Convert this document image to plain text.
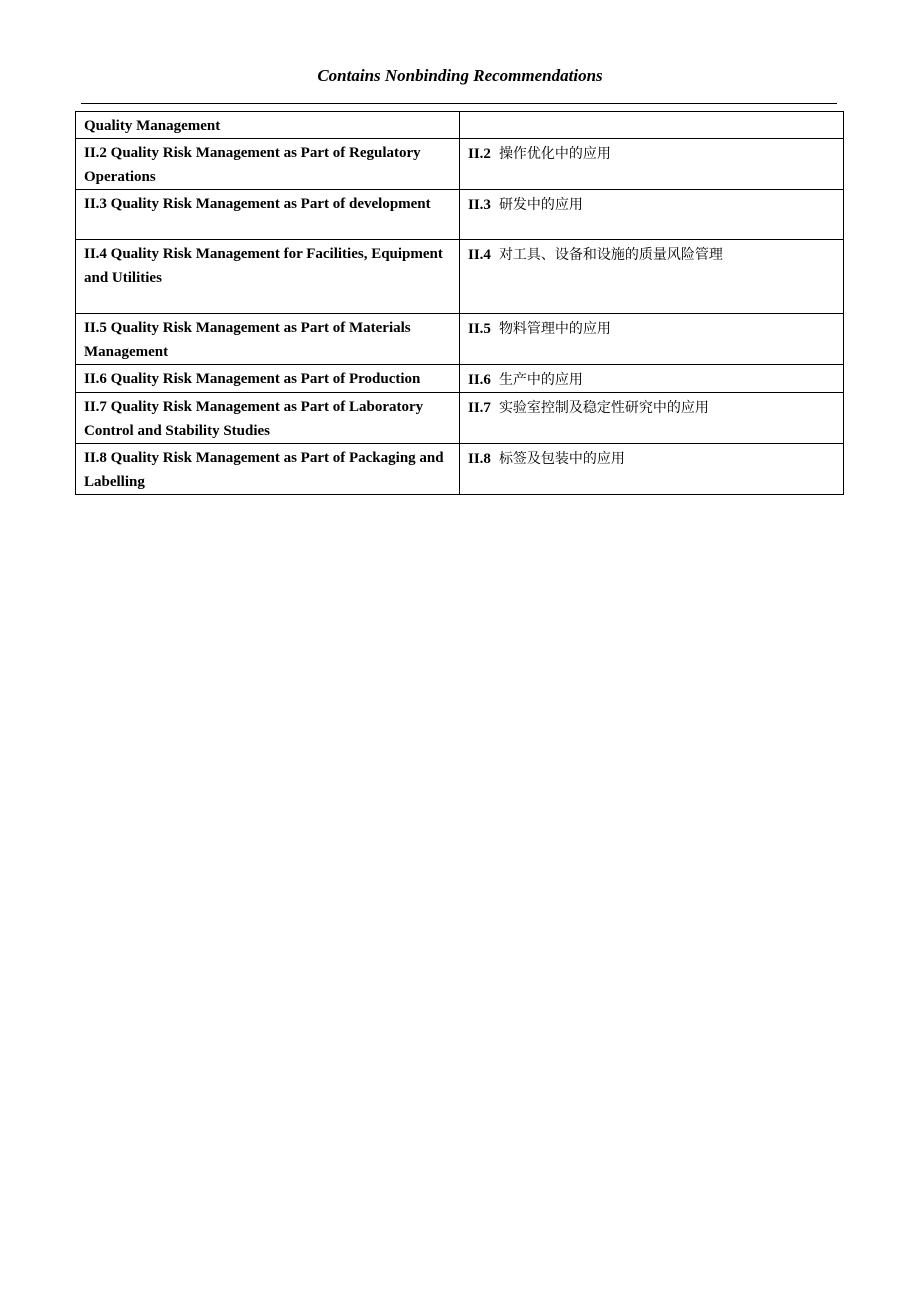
Contains Nonbinding Recommendations
Quality Management	
II.2 Quality Risk Management as Part of Regulatory Operations	II.2 操作优化中的应用
II.3 Quality Risk Management as Part of development	II.3 研发中的应用
II.4 Quality Risk Management for Facilities, Equipment and Utilities	II.4 对工具、设备和设施的质量风险管理
II.5 Quality Risk Management as Part of Materials Management	II.5 物料管理中的应用
II.6 Quality Risk Management as Part of Production	II.6 生产中的应用
II.7 Quality Risk Management as Part of Laboratory Control and Stability Studies	II.7 实验室控制及稳定性研究中的应用
II.8 Quality Risk Management as Part of Packaging and Labelling	II.8 标签及包装中的应用
